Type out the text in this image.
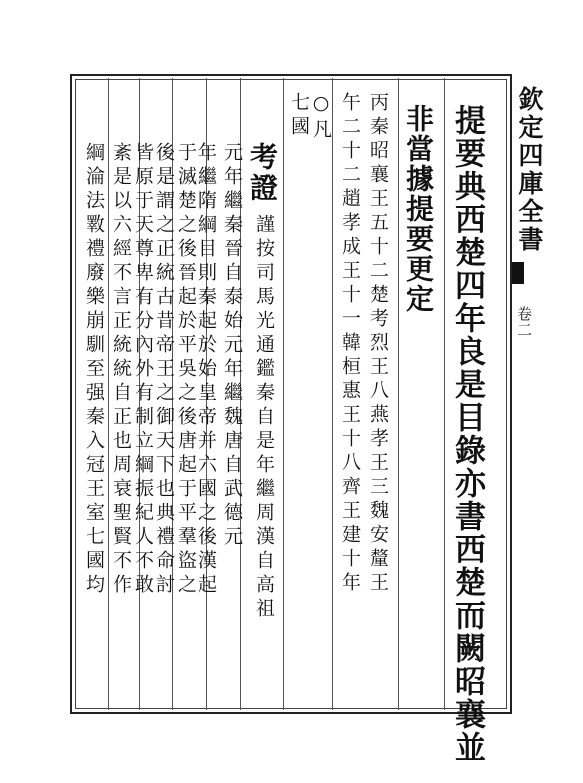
欽定四庫全書
卷二
提要典西楚四年良是目錄亦書西楚而闕昭襄並
非當據提要更定
丙秦昭襄王五十二楚考烈王八燕孝王三魏安釐王
午二十二趙孝成王十一韓桓惠王十八齊王建十年
○凡
七國
考證
謹按司馬光通鑑秦自是年繼周漢自高祖
元年繼秦晉自泰始元年繼魏唐自武德元
年繼隋綱目則秦起於始皇帝并六國之後漢起
于滅楚之後晉起於平吳之後唐起于平羣盜之
後是謂之正統古昔帝王之御天下也典禮命討
皆原于天尊卑有分內外有制立綱振紀人不敢
紊是以六經不言正統統自正也周衰聖賢不作
綱淪法斁禮廢樂崩馴至强秦入冠王室七國均
